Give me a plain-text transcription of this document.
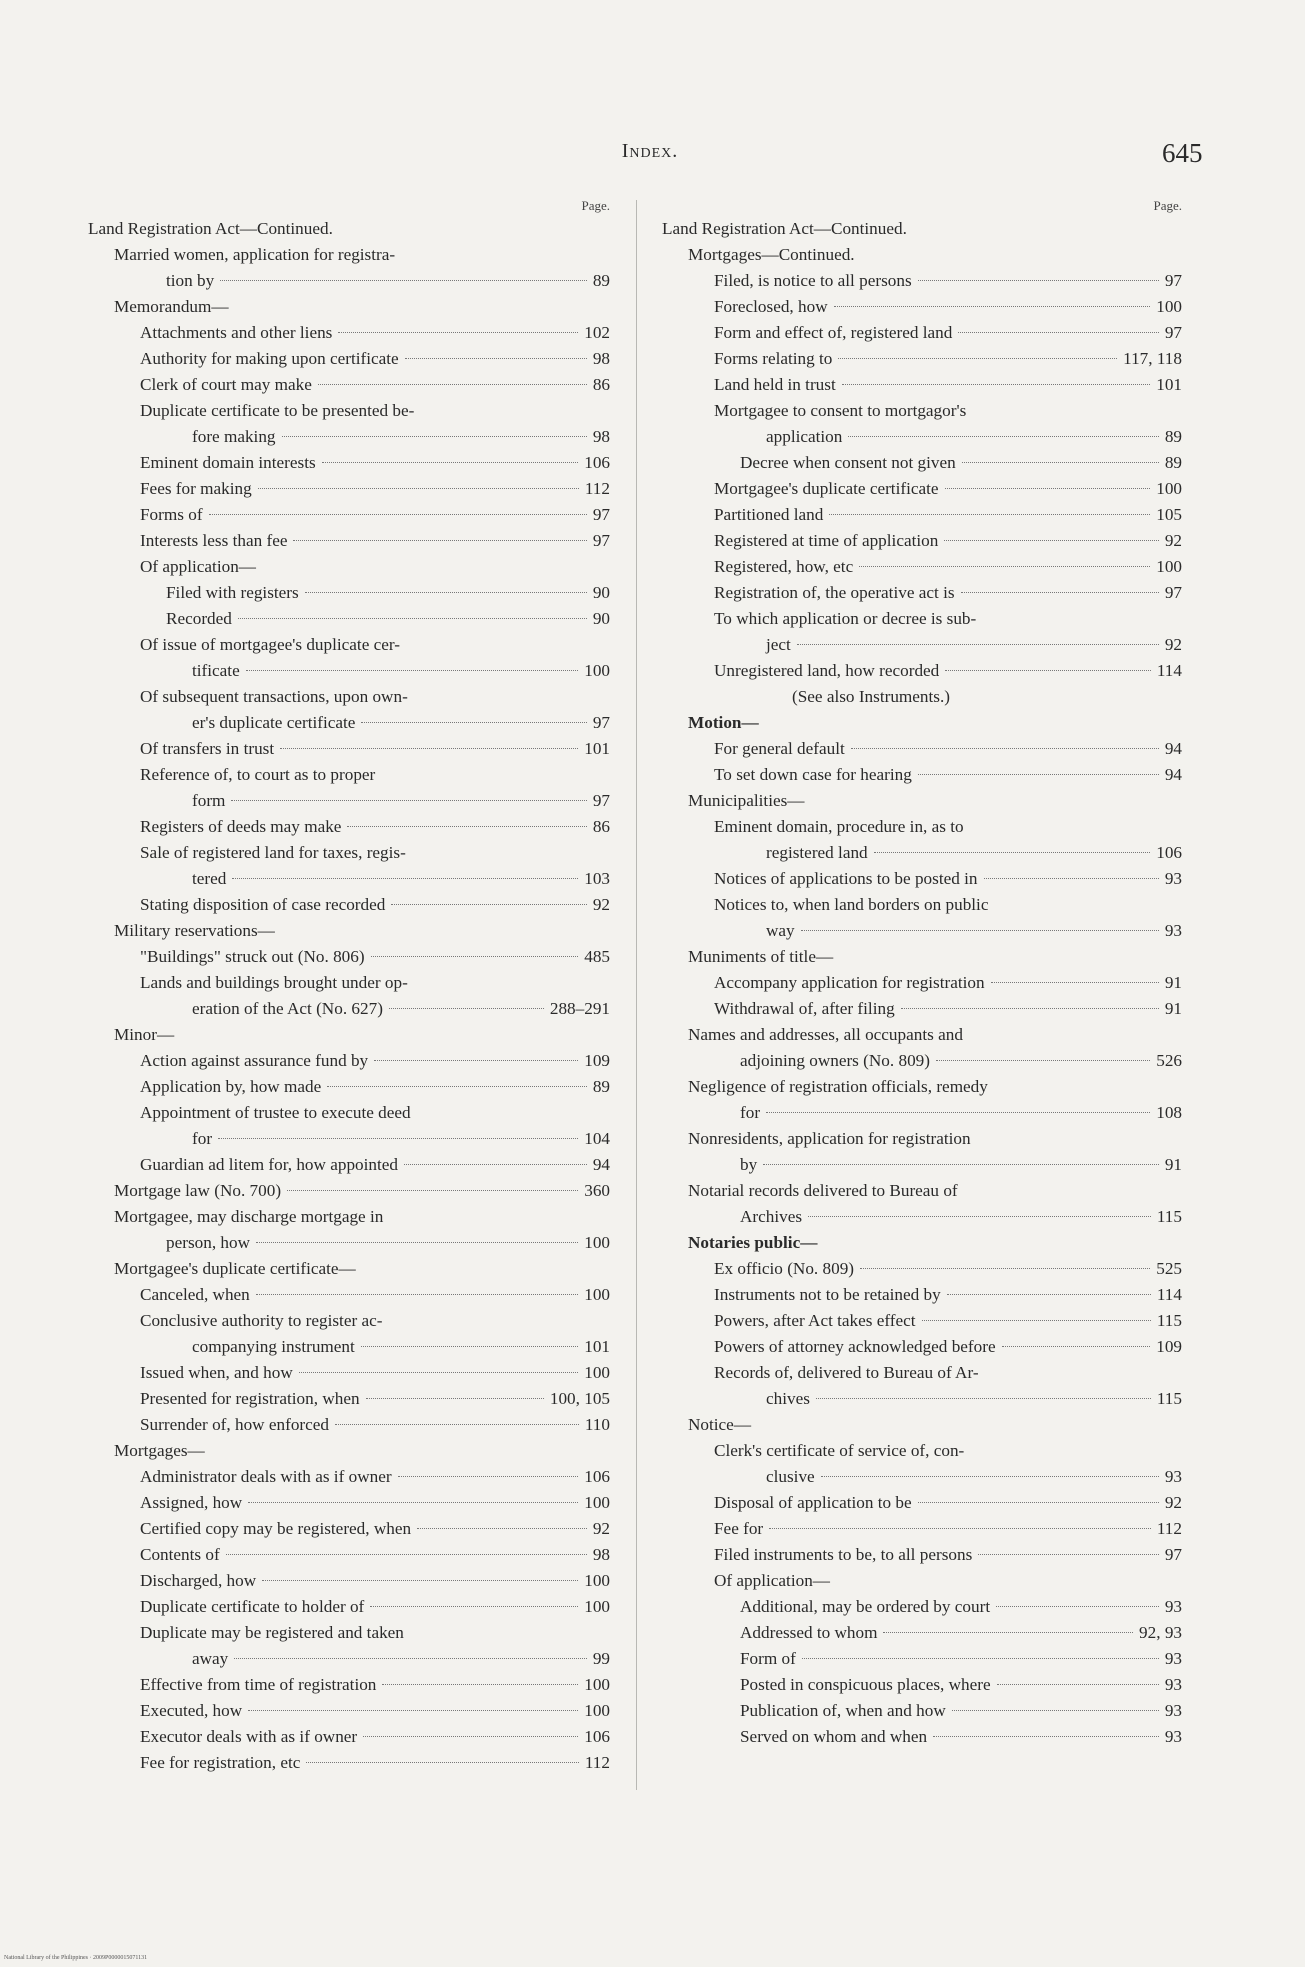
Index.	645
Page.
Land Registration Act—Continued.
Married women, application for registra-
tion by	89
Memorandum—
Attachments and other liens	102
Authority for making upon certificate	98
Clerk of court may make	86
Duplicate certificate to be presented be-
fore making	98
Eminent domain interests	106
Fees for making	112
Forms of	97
Interests less than fee	97
Of application—
Filed with registers	90
Recorded	90
Of issue of mortgagee's duplicate cer-
tificate	100
Of subsequent transactions, upon own-
er's duplicate certificate	97
Of transfers in trust	101
Reference of, to court as to proper
form	97
Registers of deeds may make	86
Sale of registered land for taxes, regis-
tered	103
Stating disposition of case recorded	92
Military reservations—
"Buildings" struck out (No. 806)	485
Lands and buildings brought under op-
eration of the Act (No. 627)	288–291
Minor—
Action against assurance fund by	109
Application by, how made	89
Appointment of trustee to execute deed
for	104
Guardian ad litem for, how appointed	94
Mortgage law (No. 700)	360
Mortgagee, may discharge mortgage in
person, how	100
Mortgagee's duplicate certificate—
Canceled, when	100
Conclusive authority to register ac-
companying instrument	101
Issued when, and how	100
Presented for registration, when	100, 105
Surrender of, how enforced	110
Mortgages—
Administrator deals with as if owner	106
Assigned, how	100
Certified copy may be registered, when	92
Contents of	98
Discharged, how	100
Duplicate certificate to holder of	100
Duplicate may be registered and taken
away	99
Effective from time of registration	100
Executed, how	100
Executor deals with as if owner	106
Fee for registration, etc	112
Page.
Land Registration Act—Continued.
Mortgages—Continued.
Filed, is notice to all persons	97
Foreclosed, how	100
Form and effect of, registered land	97
Forms relating to	117, 118
Land held in trust	101
Mortgagee to consent to mortgagor's
application	89
Decree when consent not given	89
Mortgagee's duplicate certificate	100
Partitioned land	105
Registered at time of application	92
Registered, how, etc	100
Registration of, the operative act is	97
To which application or decree is sub-
ject	92
Unregistered land, how recorded	114
(See also Instruments.)
Motion—
For general default	94
To set down case for hearing	94
Municipalities—
Eminent domain, procedure in, as to
registered land	106
Notices of applications to be posted in	93
Notices to, when land borders on public
way	93
Muniments of title—
Accompany application for registration	91
Withdrawal of, after filing	91
Names and addresses, all occupants and
adjoining owners (No. 809)	526
Negligence of registration officials, remedy
for	108
Nonresidents, application for registration
by	91
Notarial records delivered to Bureau of
Archives	115
Notaries public—
Ex officio (No. 809)	525
Instruments not to be retained by	114
Powers, after Act takes effect	115
Powers of attorney acknowledged before	109
Records of, delivered to Bureau of Ar-
chives	115
Notice—
Clerk's certificate of service of, con-
clusive	93
Disposal of application to be	92
Fee for	112
Filed instruments to be, to all persons	97
Of application—
Additional, may be ordered by court	93
Addressed to whom	92, 93
Form of	93
Posted in conspicuous places, where	93
Publication of, when and how	93
Served on whom and when	93
National Library of the Philippines · 2009P0000015071131
